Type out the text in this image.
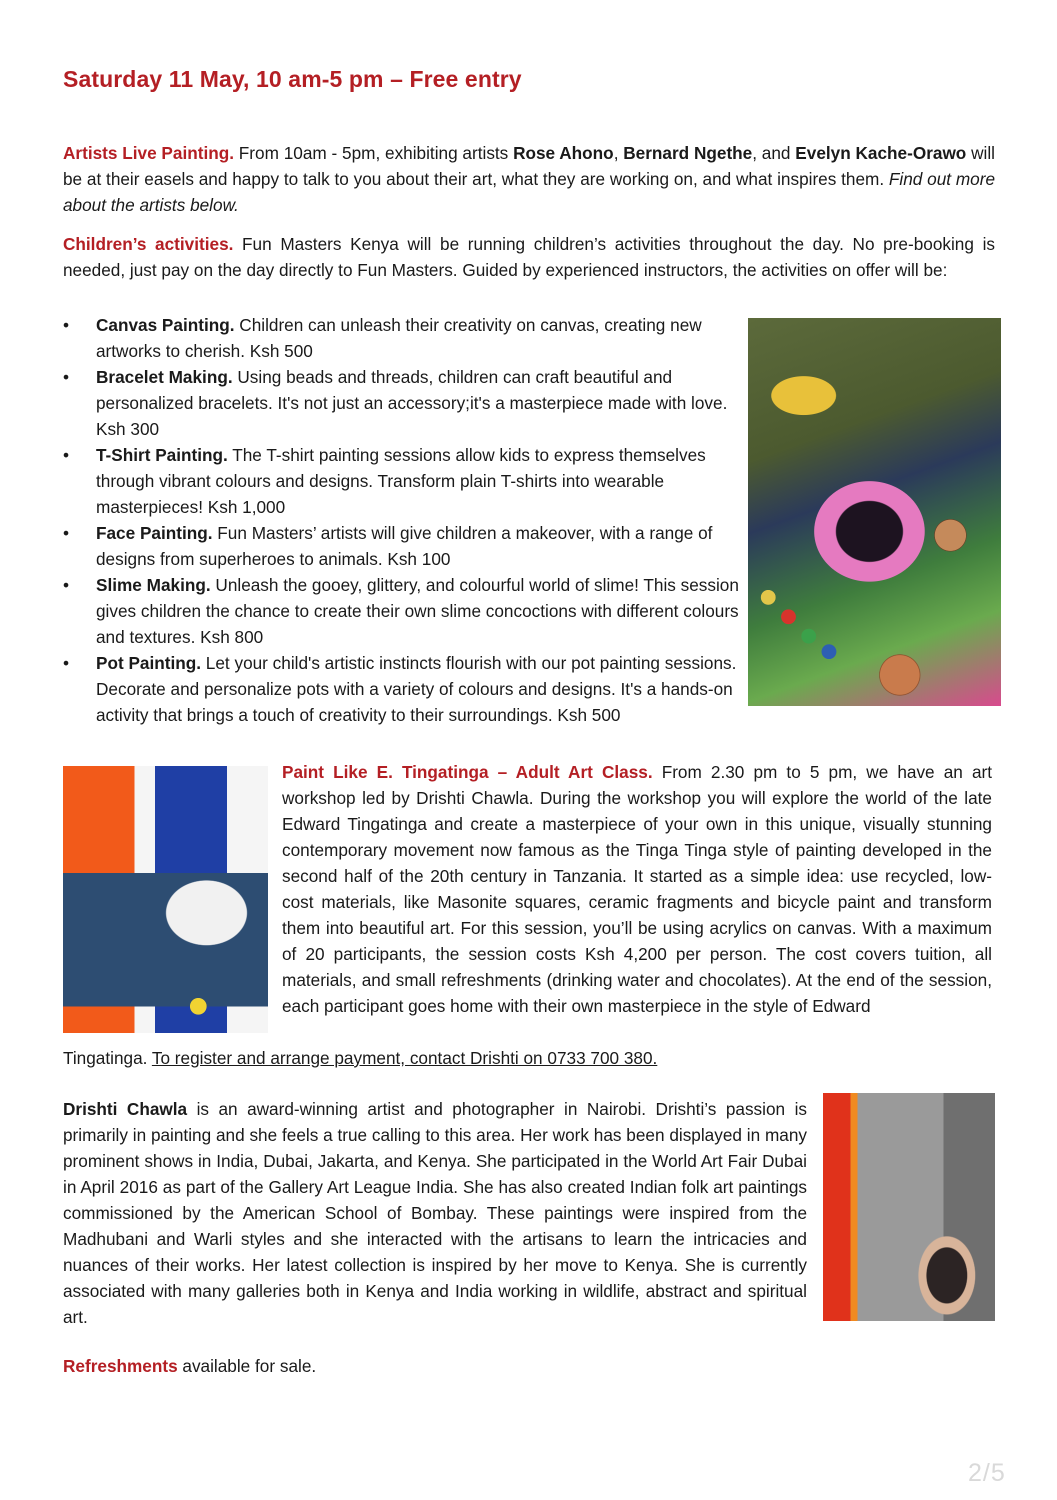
Saturday 11 May, 10 am-5 pm – Free entry

Artists Live Painting. From 10am - 5pm, exhibiting artists Rose Ahono, Bernard Ngethe, and Evelyn Kache-Orawo will be at their easels and happy to talk to you about their art, what they are working on, and what inspires them. Find out more about the artists below.

Children’s activities. Fun Masters Kenya will be running children’s activities throughout the day. No pre-booking is needed, just pay on the day directly to Fun Masters. Guided by experienced instructors, the activities on offer will be:

• Canvas Painting. Children can unleash their creativity on canvas, creating new artworks to cherish. Ksh 500
• Bracelet Making. Using beads and threads, children can craft beautiful and personalized bracelets. It's not just an accessory;it's a masterpiece made with love. Ksh 300
• T-Shirt Painting. The T-shirt painting sessions allow kids to express themselves through vibrant colours and designs. Transform plain T-shirts into wearable masterpieces! Ksh 1,000
• Face Painting. Fun Masters’ artists will give children a makeover, with a range of designs from superheroes to animals. Ksh 100
• Slime Making. Unleash the gooey, glittery, and colourful world of slime! This session gives children the chance to create their own slime concoctions with different colours and textures. Ksh 800
• Pot Painting. Let your child's artistic instincts flourish with our pot painting sessions. Decorate and personalize pots with a variety of colours and designs. It's a hands-on activity that brings a touch of creativity to their surroundings. Ksh 500

Paint Like E. Tingatinga – Adult Art Class. From 2.30 pm to 5 pm, we have an art workshop led by Drishti Chawla. During the workshop you will explore the world of the late Edward Tingatinga and create a masterpiece of your own in this unique, visually stunning contemporary movement now famous as the Tinga Tinga style of painting developed in the second half of the 20th century in Tanzania. It started as a simple idea: use recycled, low-cost materials, like Masonite squares, ceramic fragments and bicycle paint and transform them into beautiful art. For this session, you’ll be using acrylics on canvas. With a maximum of 20 participants, the session costs Ksh 4,200 per person. The cost covers tuition, all materials, and small refreshments (drinking water and chocolates). At the end of the session, each participant goes home with their own masterpiece in the style of Edward

Tingatinga. To register and arrange payment, contact Drishti on 0733 700 380.

Drishti Chawla is an award-winning artist and photographer in Nairobi. Drishti’s passion is primarily in painting and she feels a true calling to this area. Her work has been displayed in many prominent shows in India, Dubai, Jakarta, and Kenya. She participated in the World Art Fair Dubai in April 2016 as part of the Gallery Art League India. She has also created Indian folk art paintings commissioned by the American School of Bombay. These paintings were inspired from the Madhubani and Warli styles and she interacted with the artisans to learn the intricacies and nuances of their works. Her latest collection is inspired by her move to Kenya. She is currently associated with many galleries both in Kenya and India working in wildlife, abstract and spiritual art.

Refreshments available for sale.

2/5
